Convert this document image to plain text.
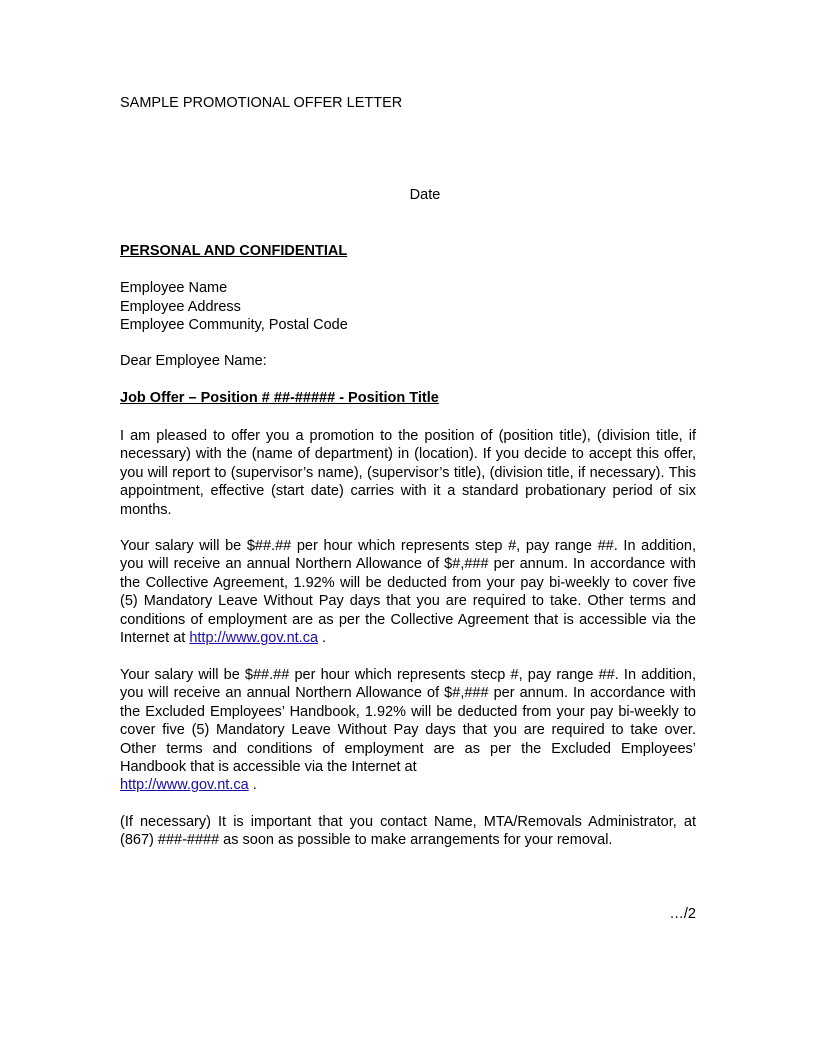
SAMPLE PROMOTIONAL OFFER LETTER
Date
PERSONAL AND CONFIDENTIAL
Employee Name
Employee Address
Employee Community, Postal Code
Dear Employee Name:
Job Offer – Position # ##-##### - Position Title

I am pleased to offer you a promotion to the position of (position title), (division title, if necessary) with the (name of department) in (location). If you decide to accept this offer, you will report to (supervisor’s name), (supervisor’s title), (division title, if necessary). This appointment, effective (start date) carries with it a standard probationary period of six months.

Your salary will be $##.## per hour which represents step #, pay range ##. In addition, you will receive an annual Northern Allowance of $#,### per annum. In accordance with the Collective Agreement, 1.92% will be deducted from your pay bi-weekly to cover five (5) Mandatory Leave Without Pay days that you are required to take. Other terms and conditions of employment are as per the Collective Agreement that is accessible via the Internet at http://www.gov.nt.ca .

Your salary will be $##.## per hour which represents stecp #, pay range ##. In addition, you will receive an annual Northern Allowance of $#,### per annum. In accordance with the Excluded Employees’ Handbook, 1.92% will be deducted from your pay bi-weekly to cover five (5) Mandatory Leave Without Pay days that you are required to take over. Other terms and conditions of employment are as per the Excluded Employees’ Handbook that is accessible via the Internet at
http://www.gov.nt.ca .

(If necessary) It is important that you contact Name, MTA/Removals Administrator, at (867) ###-#### as soon as possible to make arrangements for your removal.

…/2
